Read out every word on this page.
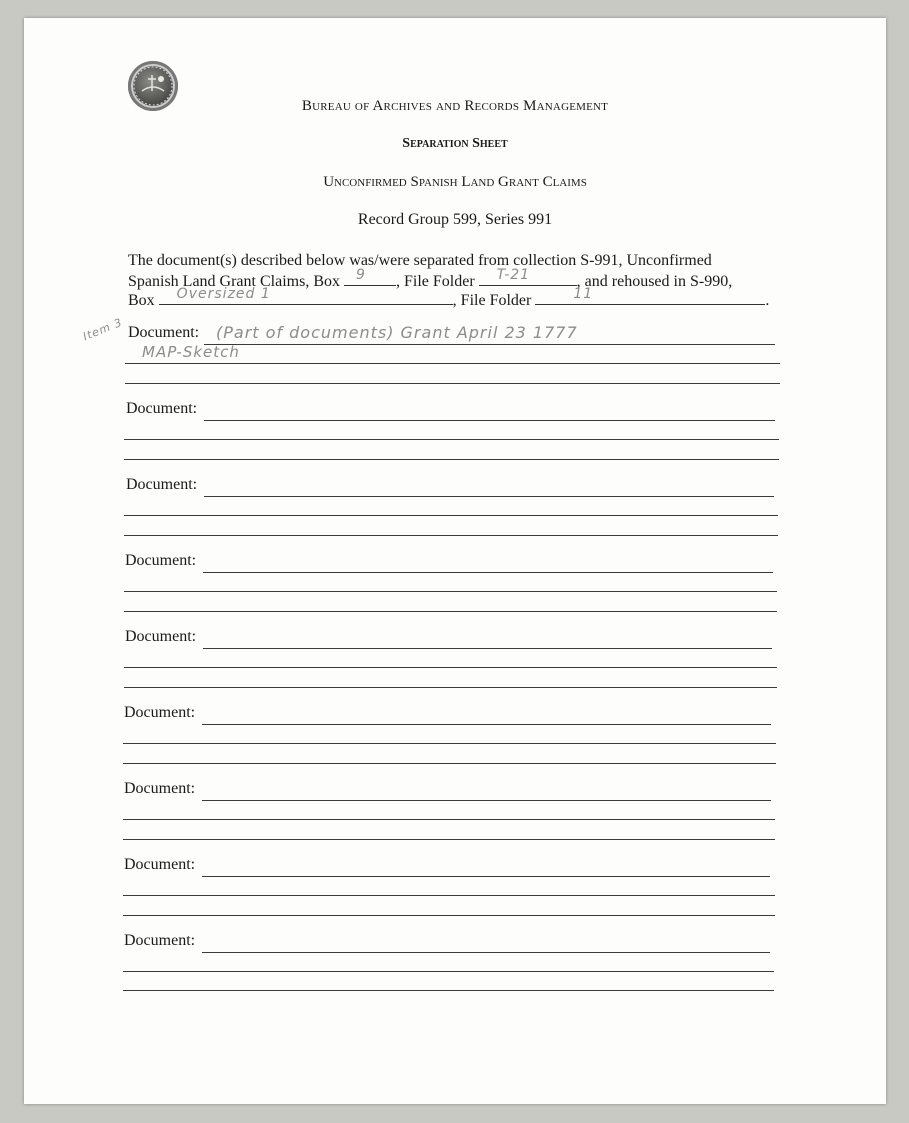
Bureau of Archives and Records Management
Separation Sheet
Unconfirmed Spanish Land Grant Claims
Record Group 599, Series 991
The document(s) described below was/were separated from collection S-991, Unconfirmed
Spanish Land Grant Claims, Box 9 , File Folder T-21	, and rehoused in S-990,
Box Oversized 1	, File Folder	11	.
Item 3 Document: (Part of documents) Grant April 23 1777
MAP-Sketch
Document:
Document:
Document:
Document:
Document:
Document:
Document:
Document:
